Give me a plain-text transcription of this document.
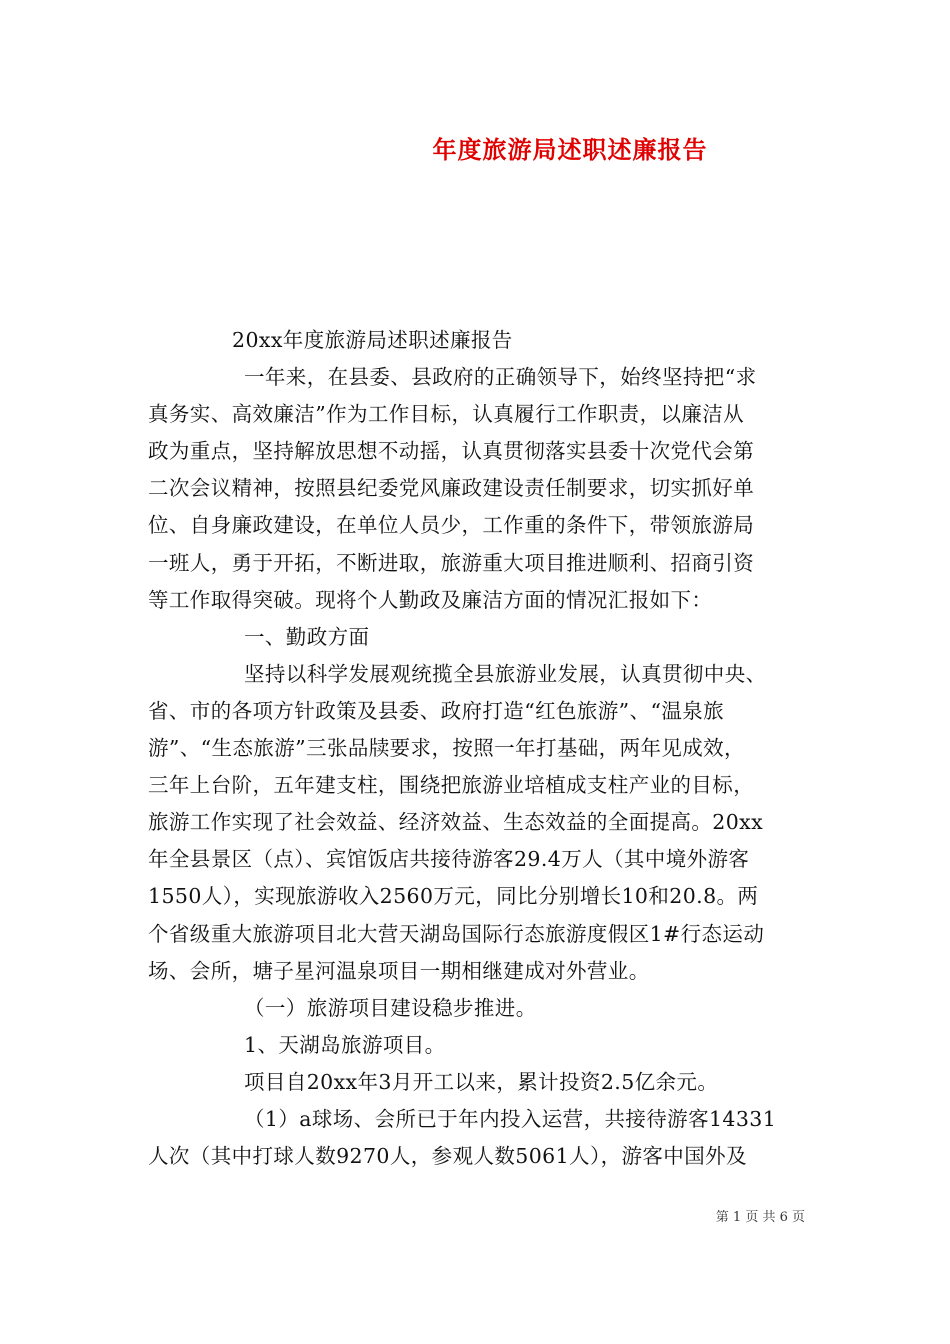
年度旅游局述职述廉报告

20xx年度旅游局述职述廉报告

一年来，在县委、县政府的正确领导下，始终坚持把“求

真务实、高效廉洁”作为工作目标，认真履行工作职责，以廉洁从

政为重点，坚持解放思想不动摇，认真贯彻落实县委十次党代会第

二次会议精神，按照县纪委党风廉政建设责任制要求，切实抓好单

位、自身廉政建设，在单位人员少，工作重的条件下，带领旅游局

一班人，勇于开拓，不断进取，旅游重大项目推进顺利、招商引资

等工作取得突破。现将个人勤政及廉洁方面的情况汇报如下：

一、勤政方面

坚持以科学发展观统揽全县旅游业发展，认真贯彻中央、

省、市的各项方针政策及县委、政府打造“红色旅游”、“温泉旅

游”、“生态旅游”三张品牍要求，按照一年打基础，两年见成效，

三年上台阶，五年建支柱，围绕把旅游业培植成支柱产业的目标，

旅游工作实现了社会效益、经济效益、生态效益的全面提高。20xx

年全县景区（点）、宾馆饭店共接待游客29.4万人（其中境外游客

1550人），实现旅游收入2560万元，同比分别增长10和20.8。两

个省级重大旅游项目北大营天湖岛国际行态旅游度假区1#行态运动

场、会所，塘子星河温泉项目一期相继建成对外营业。

（一）旅游项目建设稳步推进。

1、天湖岛旅游项目。

项目自20xx年3月开工以来，累计投资2.5亿余元。

（1）a球场、会所已于年内投入运营，共接待游客14331

人次（其中打球人数9270人，参观人数5061人），游客中国外及

第 1 页 共 6 页
